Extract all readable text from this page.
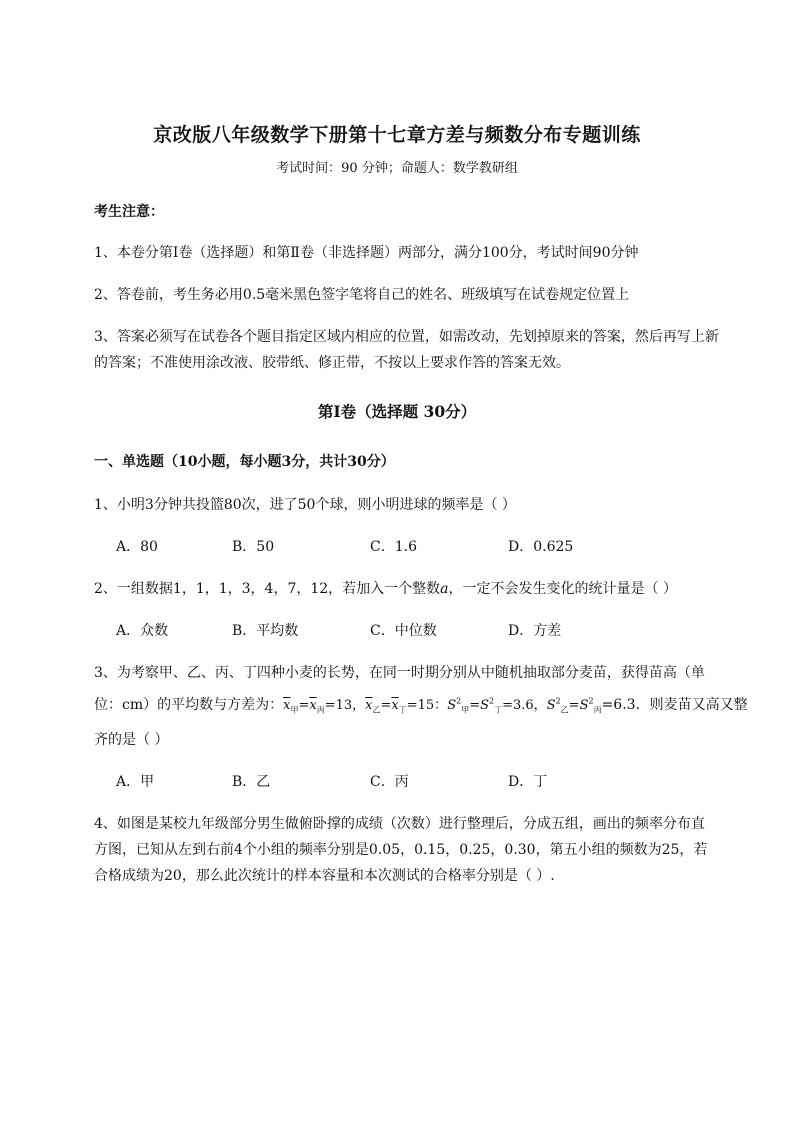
京改版八年级数学下册第十七章方差与频数分布专题训练
考试时间：90 分钟；命题人：数学教研组
考生注意：
1、本卷分第Ⅰ卷（选择题）和第Ⅱ卷（非选择题）两部分，满分100分，考试时间90分钟
2、答卷前，考生务必用0.5毫米黑色签字笔将自己的姓名、班级填写在试卷规定位置上
3、答案必须写在试卷各个题目指定区域内相应的位置，如需改动，先划掉原来的答案，然后再写上新
的答案；不准使用涂改液、胶带纸、修正带，不按以上要求作答的答案无效。
第Ⅰ卷（选择题 30分）
一、单选题（10小题，每小题3分，共计30分）
1、小明3分钟共投篮80次，进了50个球，则小明进球的频率是（ ）
A．80	B．50	C．1.6	D．0.625
2、一组数据1，1，1，3，4，7，12，若加入一个整数a，一定不会发生变化的统计量是（ ）
A．众数	B．平均数	C．中位数	D．方差
3、为考察甲、乙、丙、丁四种小麦的长势，在同一时期分别从中随机抽取部分麦苗，获得苗高（单
位：cm）的平均数与方差为：$\overline{x}_甲=\overline{x}_丙=13$，$\overline{x}_乙=\overline{x}_丁=15$：$S^2_甲=S^2_丁=3.6$，$S^2_乙=S^2_丙=6.3$．则麦苗又高又整
齐的是（ ）
A．甲	B．乙	C．丙	D．丁
4、如图是某校九年级部分男生做俯卧撑的成绩（次数）进行整理后，分成五组，画出的频率分布直
方图，已知从左到右前4个小组的频率分别是0.05，0.15，0.25，0.30，第五小组的频数为25，若
合格成绩为20，那么此次统计的样本容量和本次测试的合格率分别是（ ）.
